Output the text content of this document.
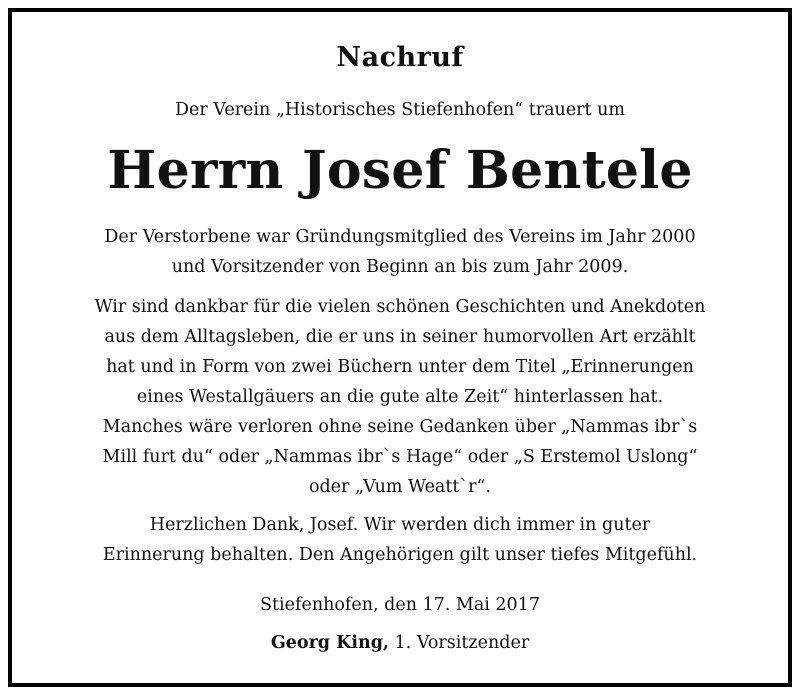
Nachruf
Der Verein „Historisches Stiefenhofen“ trauert um
Herrn Josef Bentele
Der Verstorbene war Gründungsmitglied des Vereins im Jahr 2000
und Vorsitzender von Beginn an bis zum Jahr 2009.
Wir sind dankbar für die vielen schönen Geschichten und Anekdoten
aus dem Alltagsleben, die er uns in seiner humorvollen Art erzählt
hat und in Form von zwei Büchern unter dem Titel „Erinnerungen
eines Westallgäuers an die gute alte Zeit“ hinterlassen hat.
Manches wäre verloren ohne seine Gedanken über „Nammas ibr`s
Mill furt du“ oder „Nammas ibr`s Hage“ oder „S Erstemol Uslong“
oder „Vum Weatt`r“.
Herzlichen Dank, Josef. Wir werden dich immer in guter
Erinnerung behalten. Den Angehörigen gilt unser tiefes Mitgefühl.
Stiefenhofen, den 17. Mai 2017
Georg King, 1. Vorsitzender
